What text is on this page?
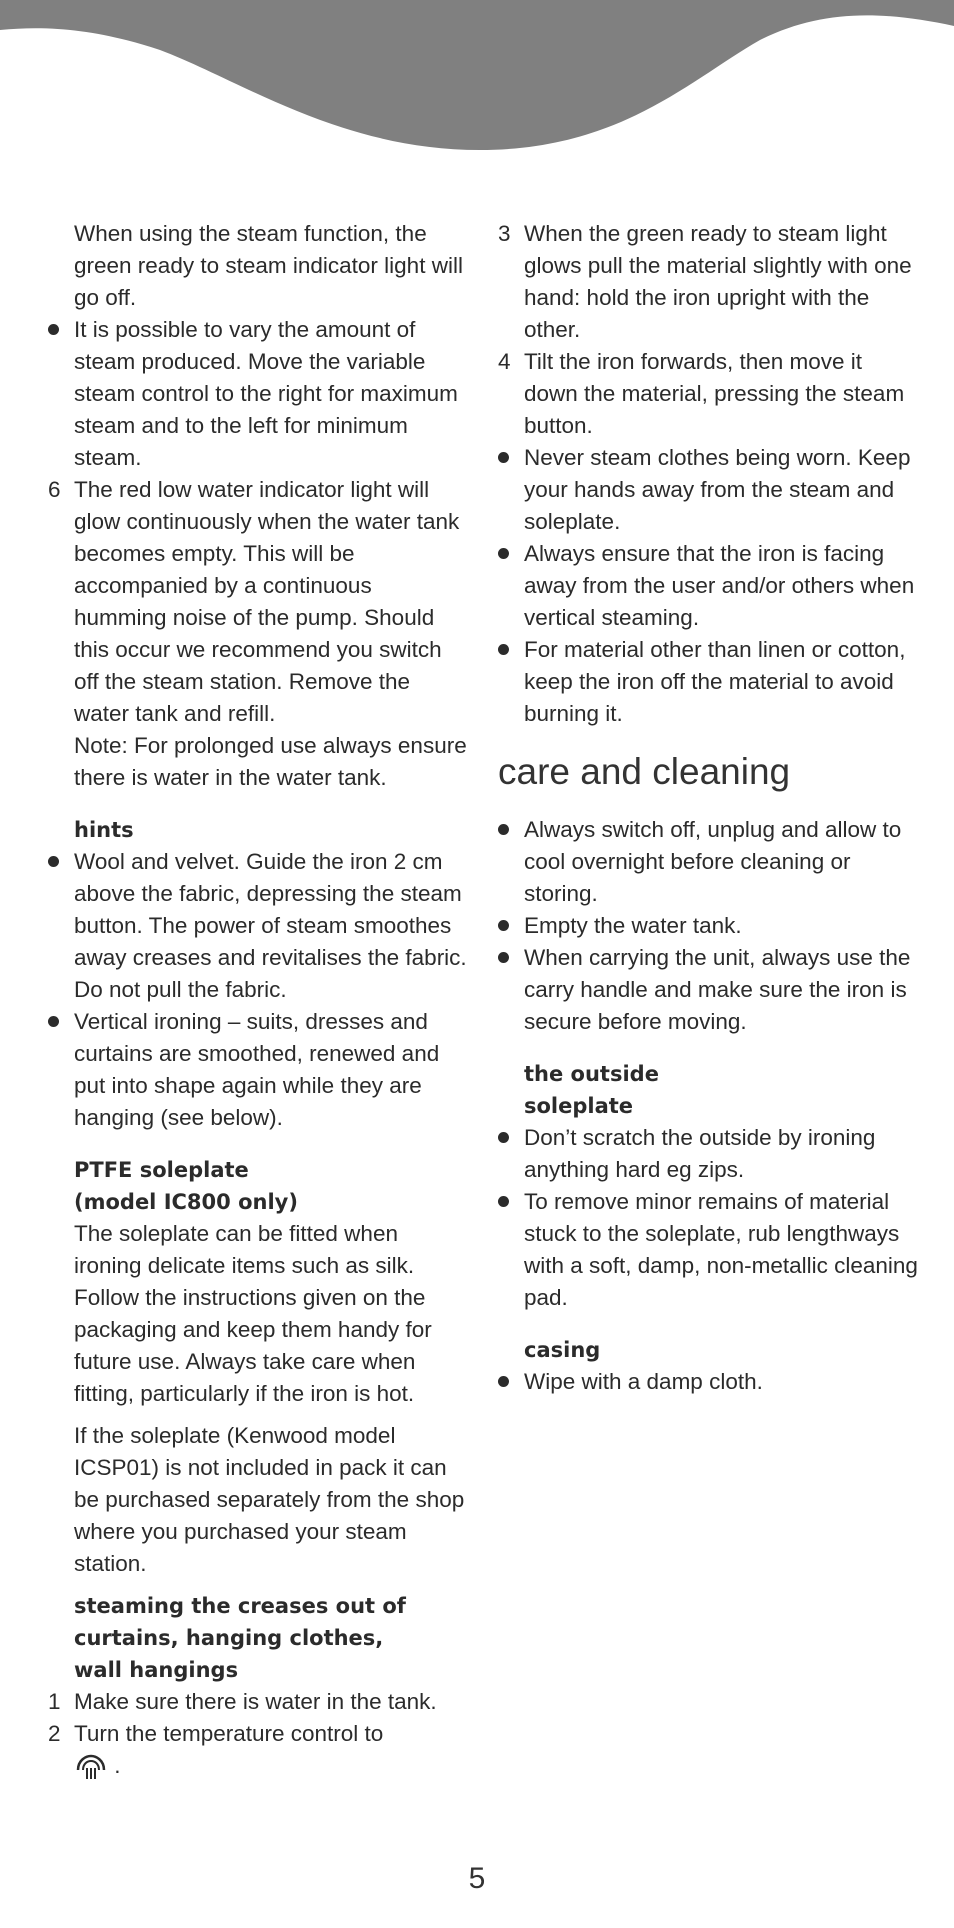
When using the steam function, the green ready to steam indicator light will go off.

It is possible to vary the amount of steam produced. Move the variable steam control to the right for maximum steam and to the left for minimum steam.
6 The red low water indicator light will glow continuously when the water tank becomes empty. This will be accompanied by a continuous humming noise of the pump. Should this occur we recommend you switch off the steam station. Remove the water tank and refill.

Note: For prolonged use always ensure there is water in the water tank.

hints

Wool and velvet. Guide the iron 2 cm above the fabric, depressing the steam button. The power of steam smoothes away creases and revitalises the fabric. Do not pull the fabric.
Vertical ironing – suits, dresses and curtains are smoothed, renewed and put into shape again while they are hanging (see below).

PTFE soleplate
(model IC800 only)

The soleplate can be fitted when ironing delicate items such as silk. Follow the instructions given on the packaging and keep them handy for future use. Always take care when fitting, particularly if the iron is hot.

If the soleplate (Kenwood model ICSP01) is not included in pack it can be purchased separately from the shop where you purchased your steam station.

steaming the creases out of
curtains, hanging clothes,
wall hangings

1 Make sure there is water in the tank.
2 Turn the temperature control to
.
3 When the green ready to steam light glows pull the material slightly with one hand: hold the iron upright with the other.
4 Tilt the iron forwards, then move it down the material, pressing the steam button.
Never steam clothes being worn. Keep your hands away from the steam and soleplate.
Always ensure that the iron is facing away from the user and/or others when vertical steaming.
For material other than linen or cotton, keep the iron off the material to avoid burning it.
care and cleaning
Always switch off, unplug and allow to cool overnight before cleaning or storing.
Empty the water tank.
When carrying the unit, always use the carry handle and make sure the iron is secure before moving.

the outside
soleplate

Don’t scratch the outside by ironing anything hard eg zips.
To remove minor remains of material stuck to the soleplate, rub lengthways with a soft, damp, non-metallic cleaning pad.

casing

Wipe with a damp cloth.
5
